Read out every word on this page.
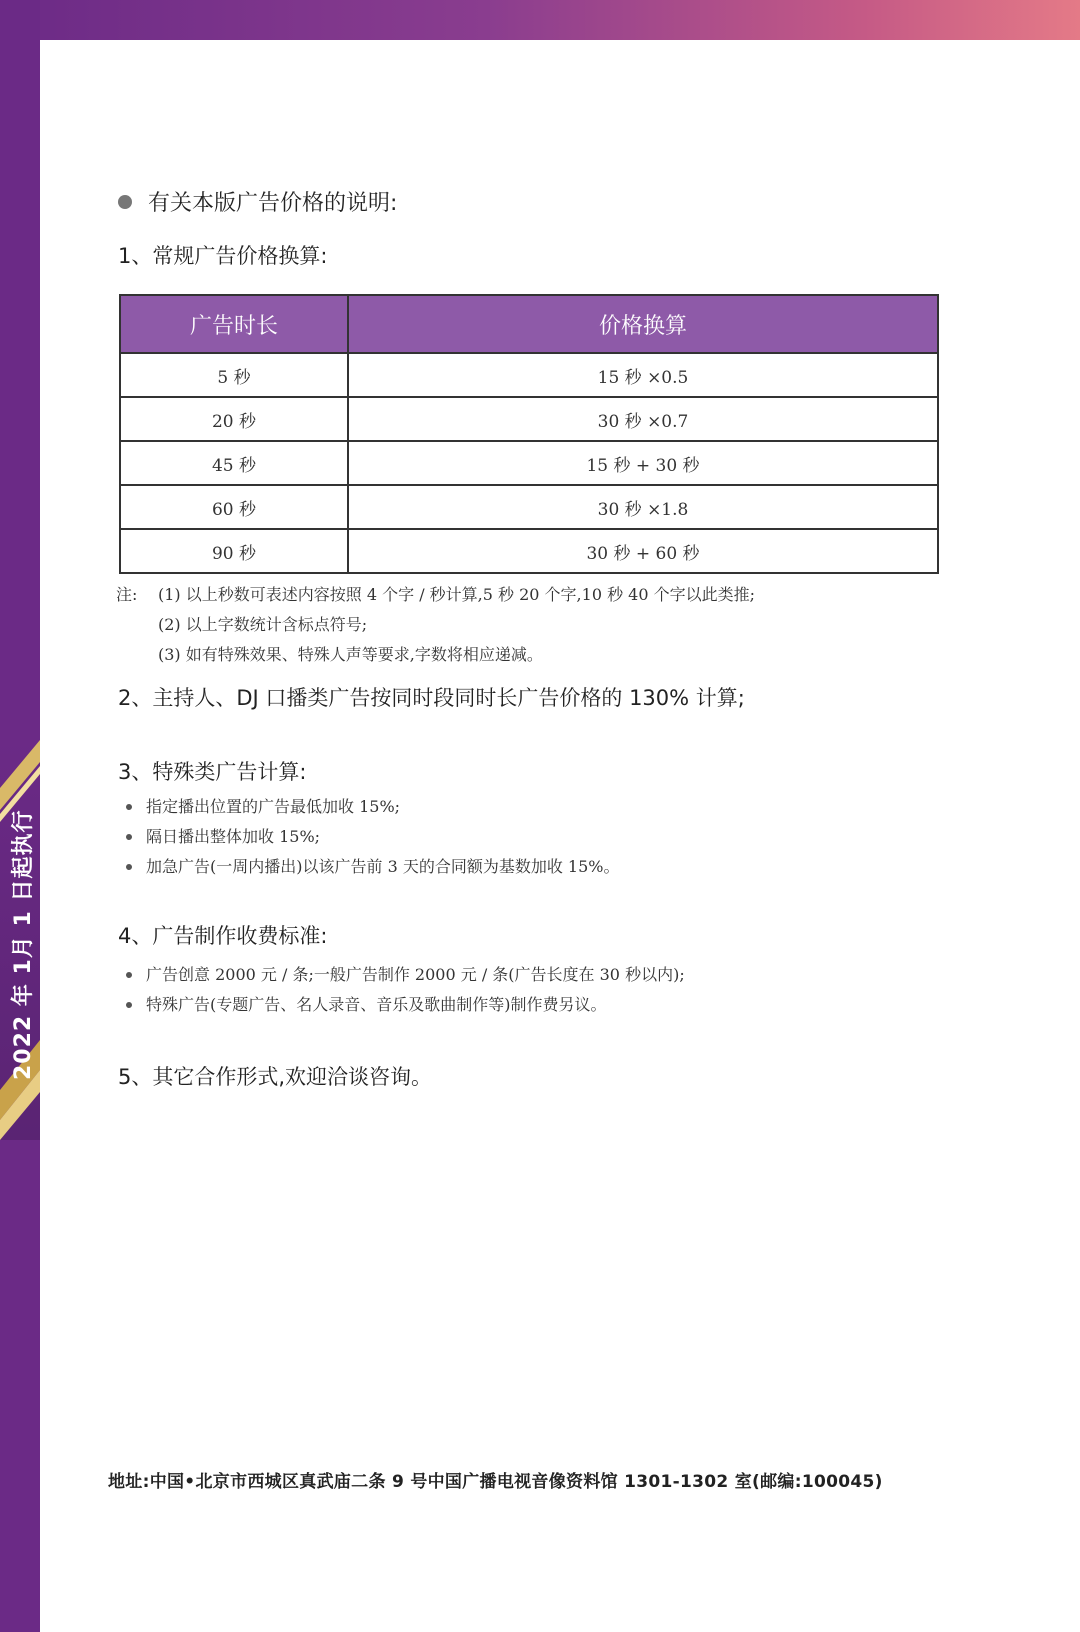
有关本版广告价格的说明:
1、常规广告价格换算:
广告时长	价格换算
5 秒	15 秒 ×0.5
20 秒	30 秒 ×0.7
45 秒	15 秒 + 30 秒
60 秒	30 秒 ×1.8
90 秒	30 秒 + 60 秒
注:	(1) 以上秒数可表述内容按照 4 个字 / 秒计算,5 秒 20 个字,10 秒 40 个字以此类推;
(2) 以上字数统计含标点符号;
(3) 如有特殊效果、特殊人声等要求,字数将相应递减。
2、主持人、DJ 口播类广告按同时段同时长广告价格的 130% 计算;
3、特殊类广告计算:
指定播出位置的广告最低加收 15%;
隔日播出整体加收 15%;
加急广告(一周内播出)以该广告前 3 天的合同额为基数加收 15%。
4、广告制作收费标准:
广告创意 2000 元 / 条;一般广告制作 2000 元 / 条(广告长度在 30 秒以内);
特殊广告(专题广告、名人录音、音乐及歌曲制作等)制作费另议。
5、其它合作形式,欢迎洽谈咨询。
地址:中国•北京市西城区真武庙二条 9 号中国广播电视音像资料馆 1301-1302 室(邮编:100045)
